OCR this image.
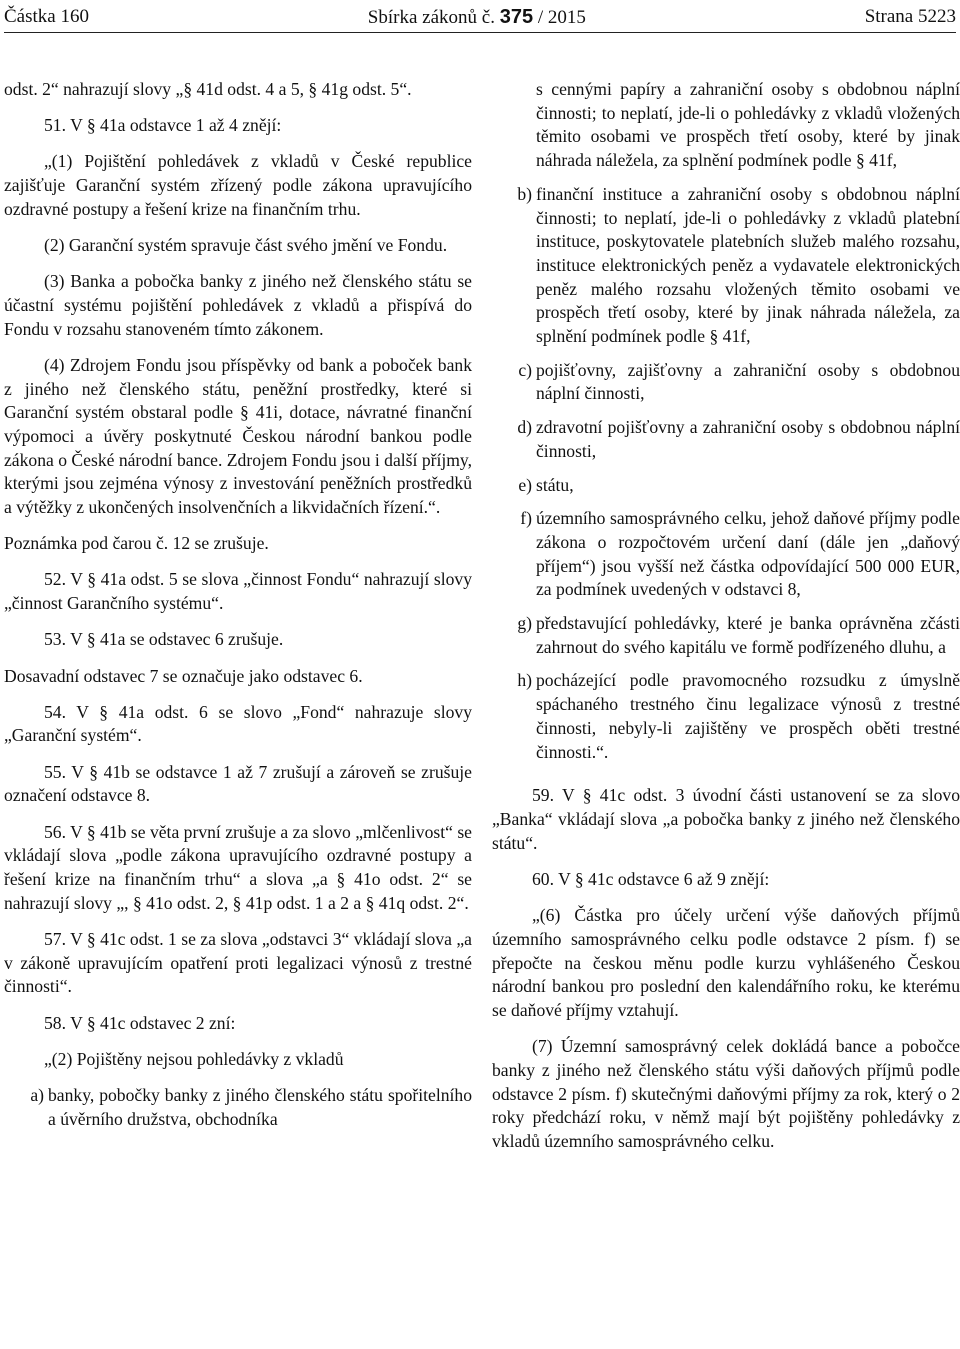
Částka 160	Sbírka zákonů č. 375 / 2015	Strana 5223

odst. 2“ nahrazují slovy „§ 41d odst. 4 a 5, § 41g odst. 5“.

51. V § 41a odstavce 1 až 4 znějí:

„(1) Pojištění pohledávek z vkladů v České republice zajišťuje Garanční systém zřízený podle zákona upravujícího ozdravné postupy a řešení krize na finančním trhu.

(2) Garanční systém spravuje část svého jmění ve Fondu.

(3) Banka a pobočka banky z jiného než členského státu se účastní systému pojištění pohledávek z vkladů a přispívá do Fondu v rozsahu stanoveném tímto zákonem.

(4) Zdrojem Fondu jsou příspěvky od bank a poboček bank z jiného než členského státu, peněžní prostředky, které si Garanční systém obstaral podle § 41i, dotace, návratné finanční výpomoci a úvěry poskytnuté Českou národní bankou podle zákona o České národní bance. Zdrojem Fondu jsou i další příjmy, kterými jsou zejména výnosy z investování peněžních prostředků a výtěžky z ukončených insolvenčních a likvidačních řízení.“.

Poznámka pod čarou č. 12 se zrušuje.

52. V § 41a odst. 5 se slova „činnost Fondu“ nahrazují slovy „činnost Garančního systému“.

53. V § 41a se odstavec 6 zrušuje.

Dosavadní odstavec 7 se označuje jako odstavec 6.

54. V § 41a odst. 6 se slovo „Fond“ nahrazuje slovy „Garanční systém“.

55. V § 41b se odstavce 1 až 7 zrušují a zároveň se zrušuje označení odstavce 8.

56. V § 41b se věta první zrušuje a za slovo „mlčenlivost“ se vkládají slova „podle zákona upravujícího ozdravné postupy a řešení krize na finančním trhu“ a slova „a § 41o odst. 2“ se nahrazují slovy „, § 41o odst. 2, § 41p odst. 1 a 2 a § 41q odst. 2“.

57. V § 41c odst. 1 se za slova „odstavci 3“ vkládají slova „a v zákoně upravujícím opatření proti legalizaci výnosů z trestné činnosti“.

58. V § 41c odstavec 2 zní:

„(2) Pojištěny nejsou pohledávky z vkladů

a) banky, pobočky banky z jiného členského státu spořitelního a úvěrního družstva, obchodníka
s cennými papíry a zahraniční osoby s obdobnou náplní činnosti; to neplatí, jde-li o pohledávky z vkladů vložených těmito osobami ve prospěch třetí osoby, které by jinak náhrada náležela, za splnění podmínek podle § 41f,
b) finanční instituce a zahraniční osoby s obdobnou náplní činnosti; to neplatí, jde-li o pohledávky z vkladů platební instituce, poskytovatele platebních služeb malého rozsahu, instituce elektronických peněz a vydavatele elektronických peněz malého rozsahu vložených těmito osobami ve prospěch třetí osoby, které by jinak náhrada náležela, za splnění podmínek podle § 41f,
c) pojišťovny, zajišťovny a zahraniční osoby s obdobnou náplní činnosti,
d) zdravotní pojišťovny a zahraniční osoby s obdobnou náplní činnosti,
e) státu,
f) územního samosprávného celku, jehož daňové příjmy podle zákona o rozpočtovém určení daní (dále jen „daňový příjem“) jsou vyšší než částka odpovídající 500 000 EUR, za podmínek uvedených v odstavci 8,
g) představující pohledávky, které je banka oprávněna zčásti zahrnout do svého kapitálu ve formě podřízeného dluhu, a
h) pocházející podle pravomocného rozsudku z úmyslně spáchaného trestného činu legalizace výnosů z trestné činnosti, nebyly-li zajištěny ve prospěch oběti trestné činnosti.“.

59. V § 41c odst. 3 úvodní části ustanovení se za slovo „Banka“ vkládají slova „a pobočka banky z jiného než členského státu“.

60. V § 41c odstavce 6 až 9 znějí:

„(6) Částka pro účely určení výše daňových příjmů územního samosprávného celku podle odstavce 2 písm. f) se přepočte na českou měnu podle kurzu vyhlášeného Českou národní bankou pro poslední den kalendářního roku, ke kterému se daňové příjmy vztahují.

(7) Územní samosprávný celek dokládá bance a pobočce banky z jiného než členského státu výši daňových příjmů podle odstavce 2 písm. f) skutečnými daňovými příjmy za rok, který o 2 roky předchází roku, v němž mají být pojištěny pohledávky z vkladů územního samosprávného celku.
